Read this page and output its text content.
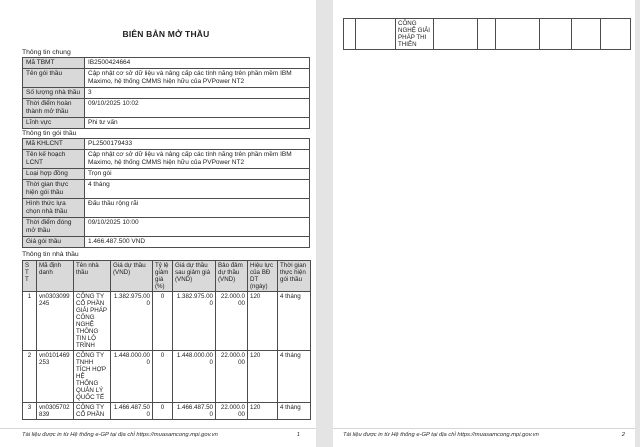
BIÊN BẢN MỞ THẦU
Thông tin chung
Mã TBMT	IB2500424664
Tên gói thầu	Cập nhật cơ sở dữ liệu và nâng cấp các tính năng trên phần mềm IBM Maximo, hệ thống CMMS hiện hữu của PVPower NT2
Số lượng nhà thầu	3
Thời điểm hoàn thành mở thầu	09/10/2025 10:02
Lĩnh vực	Phi tư vấn
Thông tin gói thầu
Mã KHLCNT	PL2500179433
Tên kế hoạch LCNT	Cập nhật cơ sở dữ liệu và nâng cấp các tính năng trên phần mềm IBM Maximo, hệ thống CMMS hiện hữu của PVPower NT2
Loại hợp đồng	Trọn gói
Thời gian thực hiện gói thầu	4 tháng
Hình thức lựa chọn nhà thầu	Đấu thầu rộng rãi
Thời điểm đóng mở thầu	09/10/2025 10:00
Giá gói thầu	1.466.487.500 VND
Thông tin nhà thầu
STT	Mã định danh	Tên nhà thầu	Giá dự thầu (VND)	Tỷ lệ giảm giá (%)	Giá dự thầu sau giảm giá (VND)	Bảo đảm dự thầu (VND)	Hiệu lực của BĐ DT (ngày)	Thời gian thực hiện gói thầu
1	vn0303099245	CÔNG TY CỔ PHẦN GIẢI PHÁP CÔNG NGHỆ THÔNG TIN LỘ TRÌNH	1.382.975.000	0	1.382.975.000	22.000.000	120	4 tháng
2	vn0101469253	CÔNG TY TNHH TÍCH HỢP HỆ THỐNG QUẢN LÝ QUỐC TẾ	1.448.000.000	0	1.448.000.000	22.000.000	120	4 tháng
3	vn0305702839	CÔNG TY CỔ PHẦN	1.466.487.500	0	1.466.487.500	22.000.000	120	4 tháng
Tài liệu được in từ Hệ thống e-GP tại địa chỉ https://muasamcong.mpi.gov.vn	1
		CÔNG NGHỆ GIẢI PHÁP THI THIÊN						
Tài liệu được in từ Hệ thống e-GP tại địa chỉ https://muasamcong.mpi.gov.vn	2
